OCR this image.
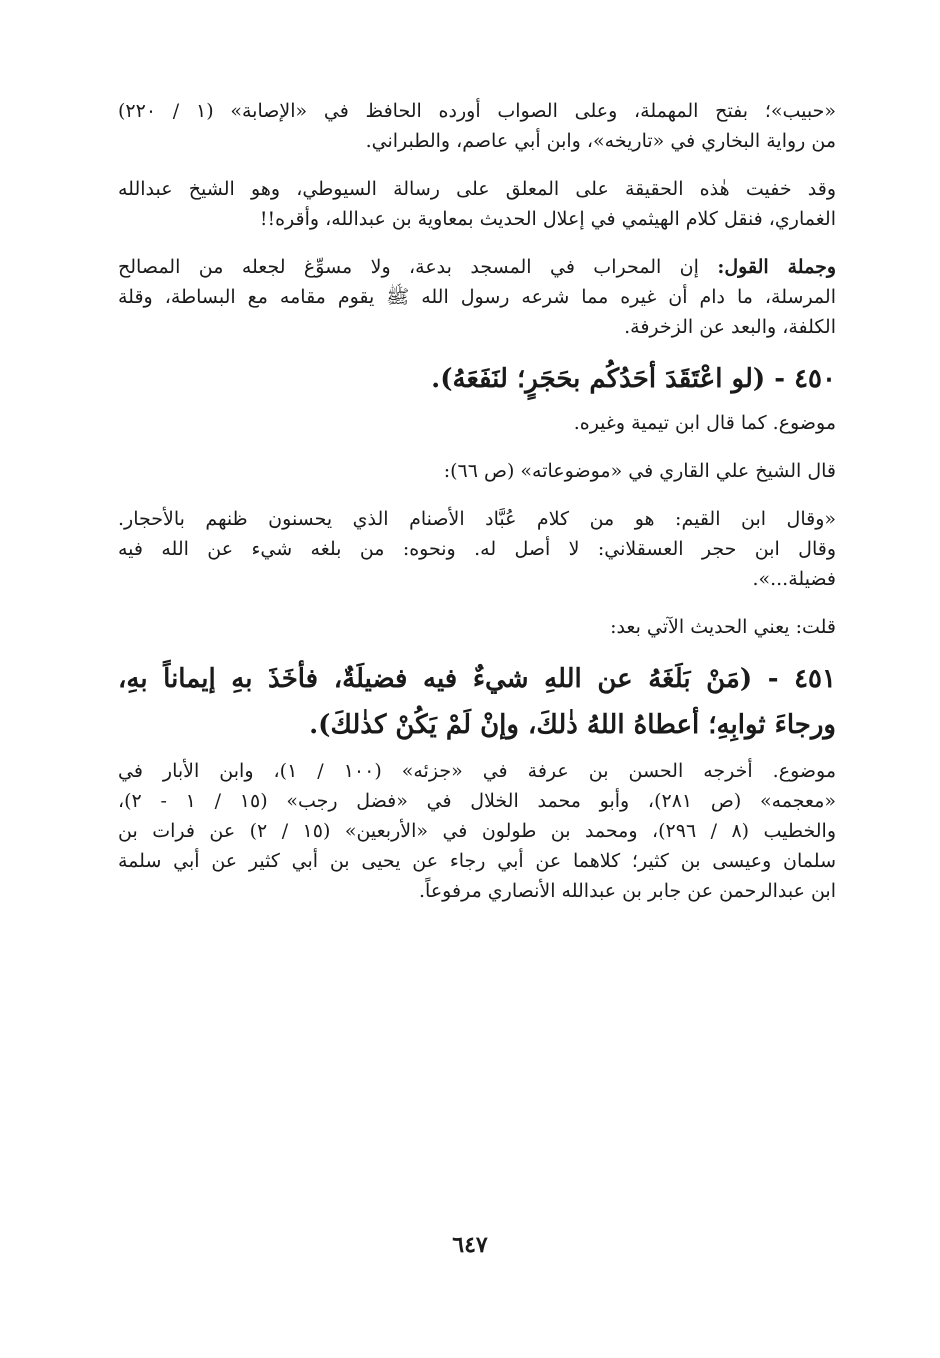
«حبيب»؛ بفتح المهملة، وعلى الصواب أورده الحافظ في «الإصابة» (١ / ٢٢٠)
من رواية البخاري في «تاريخه»، وابن أبي عاصم، والطبراني.
وقد خفيت هٰذه الحقيقة على المعلق على رسالة السيوطي، وهو الشيخ عبدالله
الغماري، فنقل كلام الهيثمي في إعلال الحديث بمعاوية بن عبدالله، وأقره!!
وجملة القول: إن المحراب في المسجد بدعة، ولا مسوِّغ لجعله من المصالح
المرسلة، ما دام أن غيره مما شرعه رسول الله ﷺ يقوم مقامه مع البساطة، وقلة
الكلفة، والبعد عن الزخرفة.
٤٥٠ - (لو اعْتَقَدَ أحَدُكُم بحَجَرٍ؛ لنَفَعَهُ).
موضوع. كما قال ابن تيمية وغيره.
قال الشيخ علي القاري في «موضوعاته» (ص ٦٦):
«وقال ابن القيم: هو من كلام عُبَّاد الأصنام الذي يحسنون ظنهم بالأحجار.
وقال ابن حجر العسقلاني: لا أصل له. ونحوه: من بلغه شيء عن الله فيه
فضيلة...».
قلت: يعني الحديث الآتي بعد:
٤٥١ - (مَنْ بَلَغَهُ عن اللهِ شيءٌ فيه فضيلَةٌ، فأخَذَ بهِ إيماناً بهِ،
ورجاءَ ثوابِهِ؛ أعطاهُ اللهُ ذٰلكَ، وإنْ لَمْ يَكُنْ كذٰلكَ).
موضوع. أخرجه الحسن بن عرفة في «جزئه» (١٠٠ / ١)، وابن الأبار في
«معجمه» (ص ٢٨١)، وأبو محمد الخلال في «فضل رجب» (١٥ / ١ - ٢)،
والخطيب (٨ / ٢٩٦)، ومحمد بن طولون في «الأربعين» (١٥ / ٢) عن فرات بن
سلمان وعيسى بن كثير؛ كلاهما عن أبي رجاء عن يحيى بن أبي كثير عن أبي سلمة
ابن عبدالرحمن عن جابر بن عبدالله الأنصاري مرفوعاً.
٦٤٧
